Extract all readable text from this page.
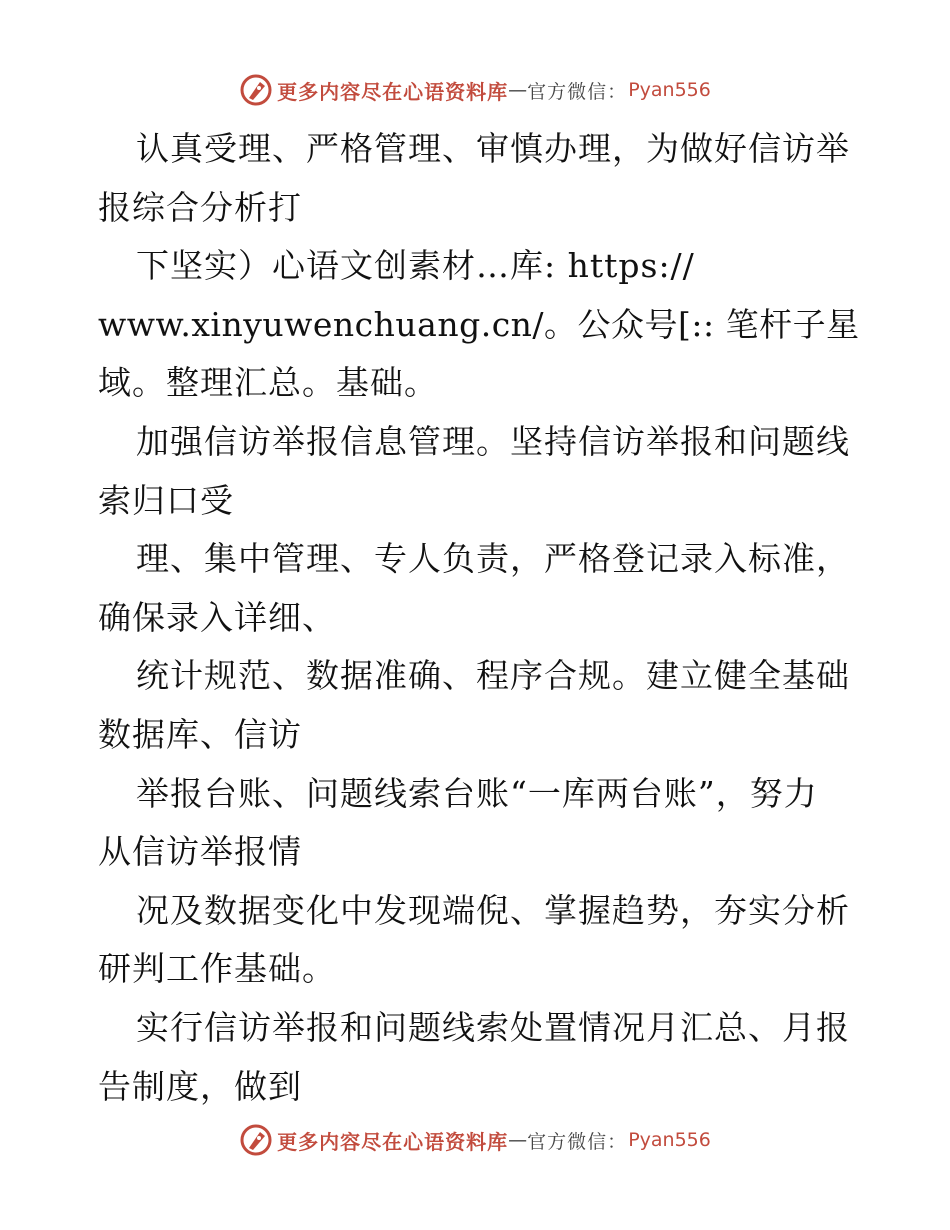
更多内容尽在心语资料库 — 官方微信 ： Pyan556
认真受理、严格管理、审慎办理，为做好信访举
报综合分析打
下坚实）心语文创素材…库: https://
www.xinyuwenchuang.cn/。公众号[:: 笔杆子星
域。整理汇总。基础。
加强信访举报信息管理。坚持信访举报和问题线
索归口受
理、集中管理、专人负责，严格登记录入标准，
确保录入详细、
统计规范、数据准确、程序合规。建立健全基础
数据库、信访
举报台账、问题线索台账“一库两台账”，努力
从信访举报情
况及数据变化中发现端倪、掌握趋势，夯实分析
研判工作基础。
实行信访举报和问题线索处置情况月汇总、月报
告制度，做到
更多内容尽在心语资料库 — 官方微信 ： Pyan556
